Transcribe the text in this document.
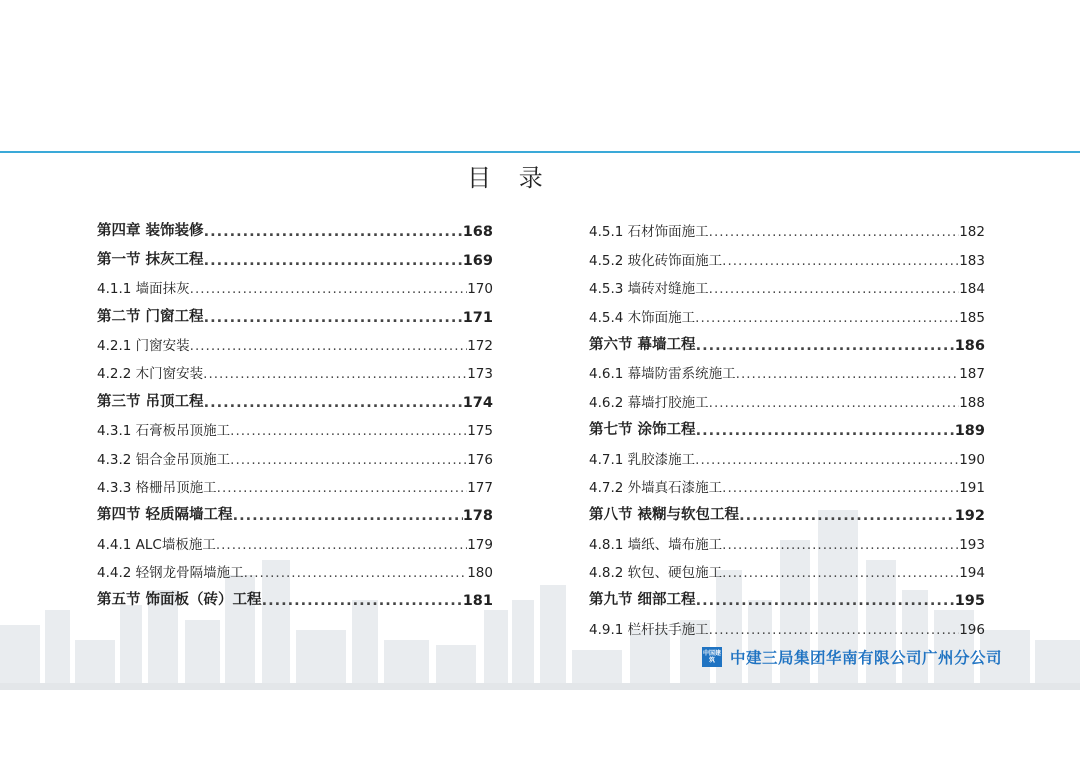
目 录
第四章 装饰装修 .....	168
第一节 抹灰工程 .....	169
4.1.1 墙面抹灰 .....	170
第二节 门窗工程 .....	171
4.2.1 门窗安装 .....	172
4.2.2 木门窗安装 .....	173
第三节 吊顶工程 .....	174
4.3.1 石膏板吊顶施工 .....	175
4.3.2 铝合金吊顶施工 .....	176
4.3.3 格栅吊顶施工 .....	177
第四节 轻质隔墙工程 .....	178
4.4.1 ALC墙板施工 .....	179
4.4.2 轻钢龙骨隔墙施工 .....	180
第五节 饰面板（砖）工程 .....	181
4.5.1 石材饰面施工 .....	182
4.5.2 玻化砖饰面施工 .....	183
4.5.3 墙砖对缝施工 .....	184
4.5.4 木饰面施工 .....	185
第六节 幕墙工程 .....	186
4.6.1 幕墙防雷系统施工 .....	187
4.6.2 幕墙打胶施工 .....	188
第七节 涂饰工程 .....	189
4.7.1 乳胶漆施工 .....	190
4.7.2 外墙真石漆施工 .....	191
第八节 裱糊与软包工程 .....	192
4.8.1 墙纸、墙布施工 .....	193
4.8.2 软包、硬包施工 .....	194
第九节 细部工程 .....	195
4.9.1 栏杆扶手施工 .....	196
中国建筑 中建三局集团华南有限公司广州分公司
